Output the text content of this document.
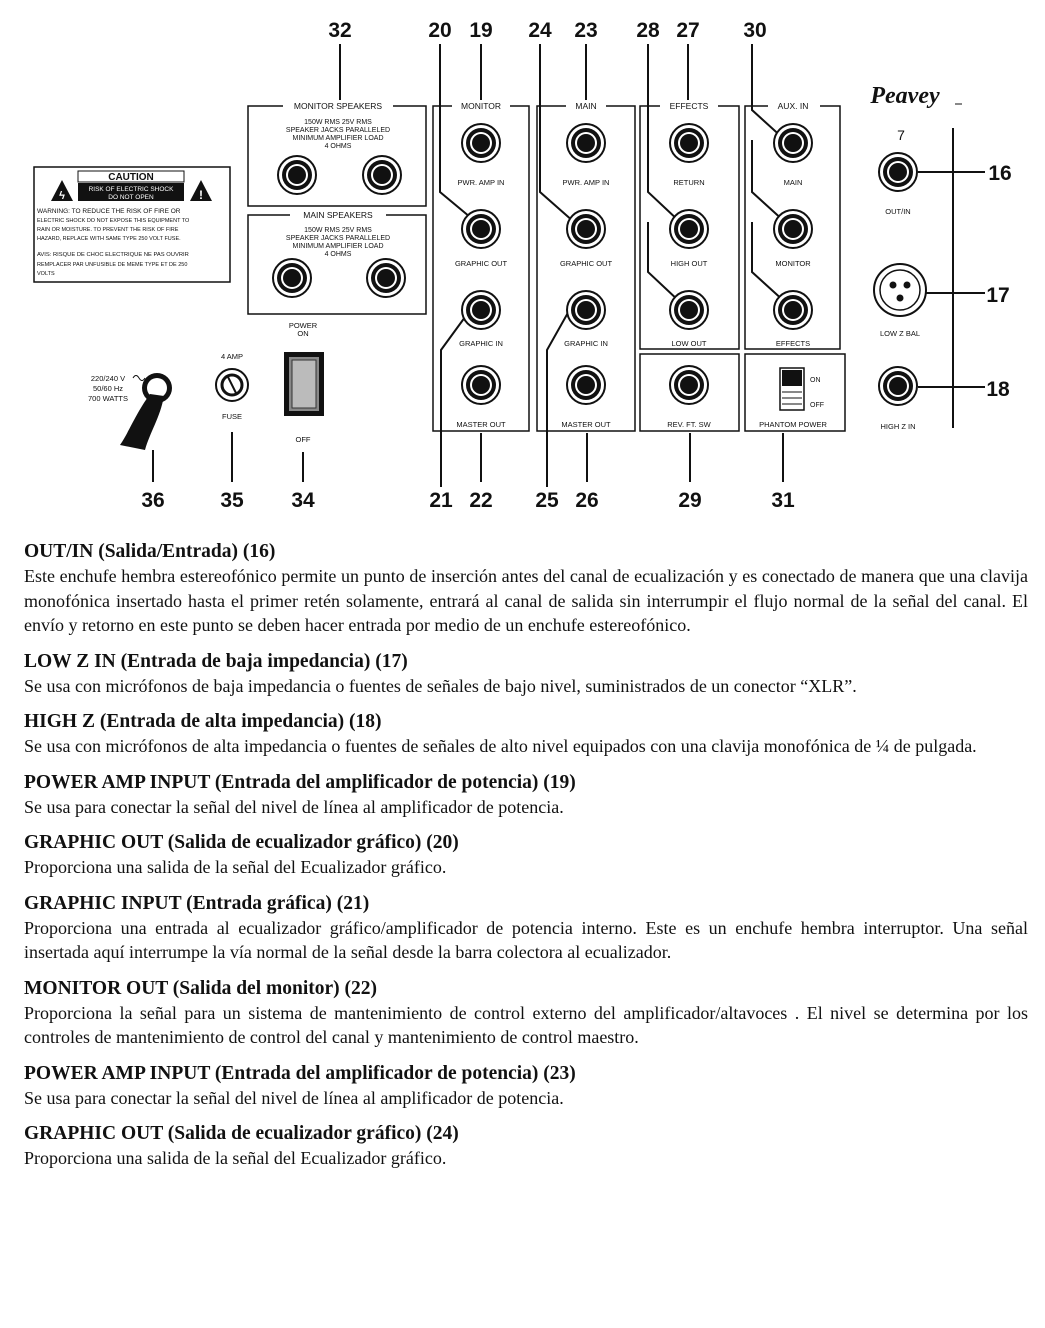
32	20 19 24 23 28 27 30
16
17
18
36	35 34	21 22 25 26	29	31
ϟ	!
CAUTION
RISK OF ELECTRIC SHOCK
DO NOT OPEN
WARNING: TO REDUCE THE RISK OF FIRE OR
ELECTRIC SHOCK DO NOT EXPOSE THIS EQUIPMENT TO
RAIN OR MOISTURE. TO PREVENT THE RISK OF FIRE
HAZARD, REPLACE WITH SAME TYPE 250 VOLT FUSE.
AVIS: RISQUE DE CHOC ELECTRIQUE NE PAS OUVRIR
REMPLACER PAR UNFUSIBLE DE MEME TYPE ET DE 250
VOLTS
MONITOR SPEAKERS
150W RMS 25V RMS
SPEAKER JACKS PARALLELED
MINIMUM AMPLIFIER LOAD
4 OHMS
MAIN SPEAKERS
150W RMS 25V RMS
SPEAKER JACKS PARALLELED
MINIMUM AMPLIFIER LOAD
4 OHMS
MONITOR
PWR. AMP IN
GRAPHIC OUT
GRAPHIC IN
MASTER OUT
MAIN
PWR. AMP IN
GRAPHIC OUT
GRAPHIC IN
MASTER OUT
EFFECTS
RETURN
HIGH OUT
LOW OUT
REV. FT. SW
AUX. IN
MAIN
MONITOR
EFFECTS
ON
OFF
PHANTOM POWER
Peavey
7
OUT/IN
LOW Z BAL
HIGH Z IN
220/240 V
50/60 Hz
700 WATTS
4 AMP
FUSE
POWER
ON
OFF
OUT/IN (Salida/Entrada) (16)

Este enchufe hembra estereofónico permite un punto de inserción antes del canal de ecualización y es conectado de manera que una clavija monofónica insertado hasta el primer retén solamente, entrará al canal de salida sin interrumpir el flujo normal de la señal del canal. El envío y retorno en este punto se deben hacer entrada por medio de un enchufe estereofónico.

LOW Z IN (Entrada de baja impedancia) (17)

Se usa con micrófonos de baja impedancia o fuentes de señales de bajo nivel, suministrados de un conector “XLR”.

HIGH Z (Entrada de alta impedancia) (18)

Se usa con micrófonos de alta impedancia o fuentes de señales de alto nivel equipados con una clavija monofónica de ¼ de pulgada.

POWER AMP INPUT (Entrada del amplificador de potencia) (19)

Se usa para conectar la señal del nivel de línea al amplificador de potencia.

GRAPHIC OUT (Salida de ecualizador gráfico) (20)

Proporciona una salida de la señal del Ecualizador gráfico.

GRAPHIC INPUT (Entrada gráfica) (21)

Proporciona una entrada al ecualizador gráfico/amplificador de potencia interno. Este es un enchufe hembra interruptor. Una señal insertada aquí interrumpe la vía normal de la señal desde la barra colectora al ecualizador.

MONITOR OUT (Salida del monitor) (22)

Proporciona la señal para un sistema de mantenimiento de control externo del amplificador/altavoces . El nivel se determina por los controles de mantenimiento de control del canal y mantenimiento de control maestro.

POWER AMP INPUT (Entrada del amplificador de potencia) (23)

Se usa para conectar la señal del nivel de línea al amplificador de potencia.

GRAPHIC OUT (Salida de ecualizador gráfico) (24)

Proporciona una salida de la señal del Ecualizador gráfico.
